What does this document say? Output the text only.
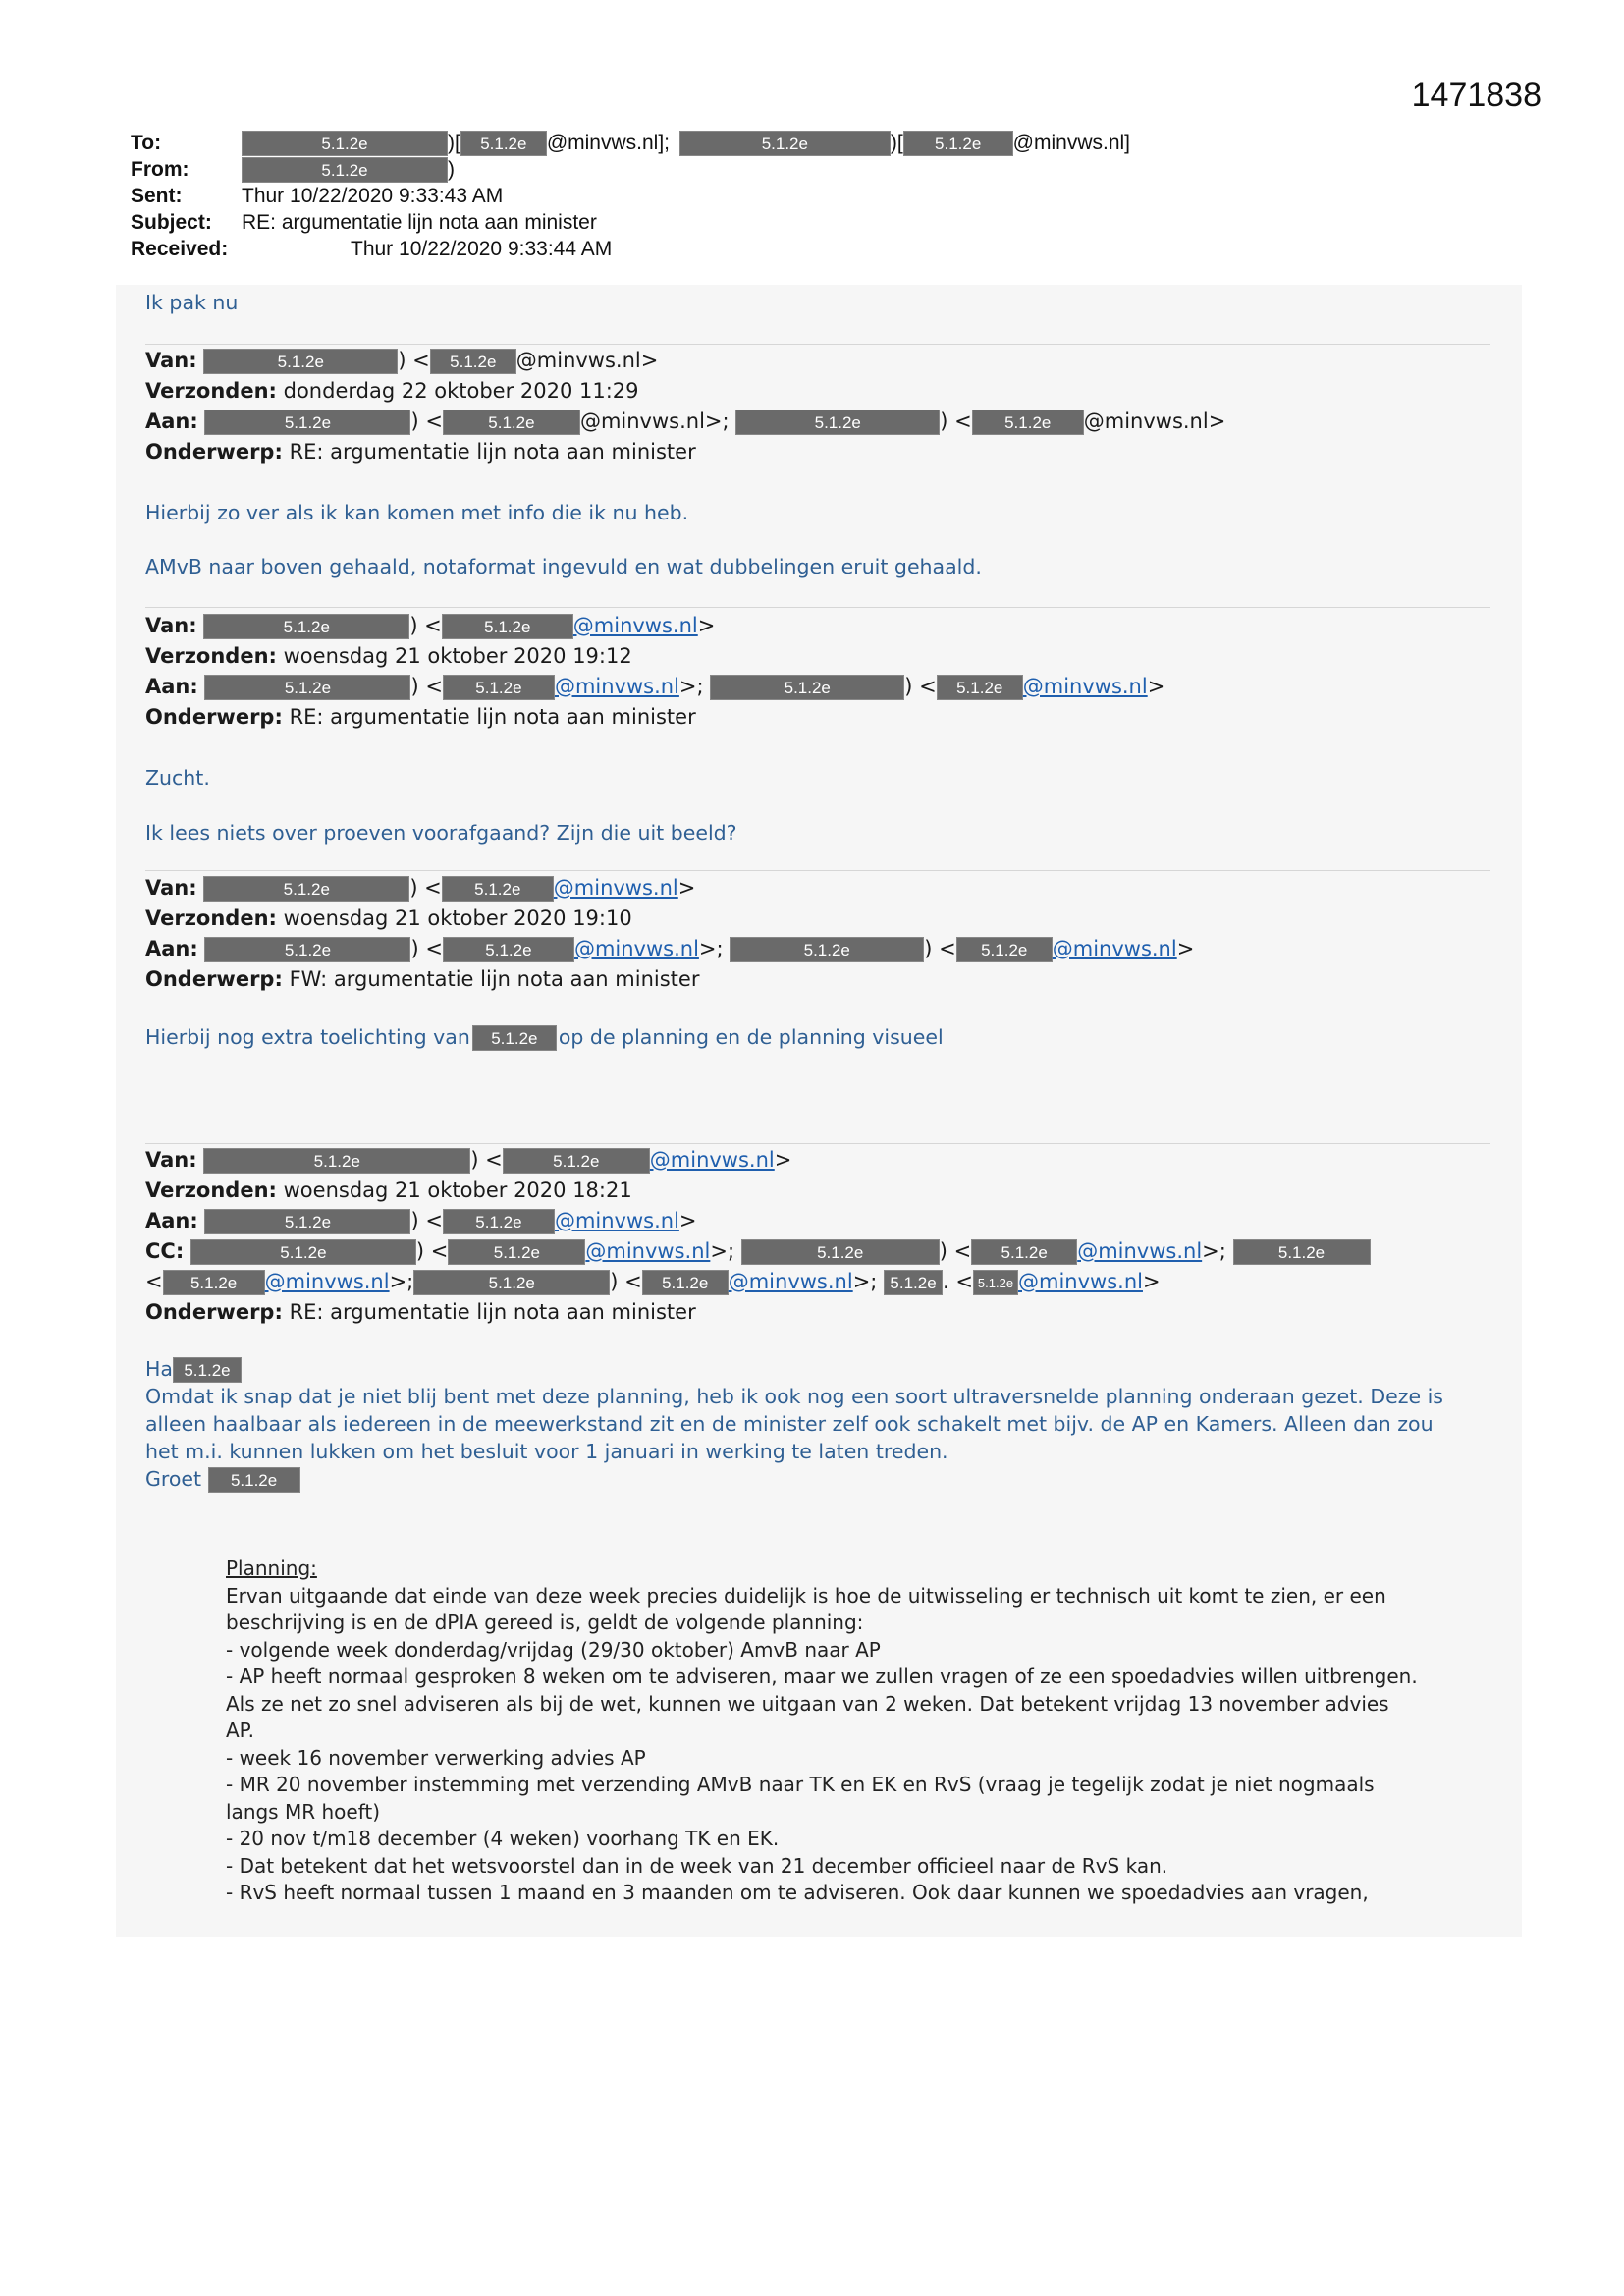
1471838
To:	5.1.2e	)[ 5.1.2e @minvws.nl];	5.1.2e	)[ 5.1.2e @minvws.nl]
From:	5.1.2e	)
Sent:	Thur 10/22/2020 9:33:43 AM
Subject: RE: argumentatie lijn nota aan minister
Received:	Thur 10/22/2020 9:33:44 AM
Ik pak nu
Van:	5.1.2e	) < 5.1.2e @minvws.nl>
Verzonden: donderdag 22 oktober 2020 11:29
Aan:	5.1.2e	) <	5.1.2e @minvws.nl>;	5.1.2e	) < 5.1.2e @minvws.nl>
Onderwerp: RE: argumentatie lijn nota aan minister
Hierbij zo ver als ik kan komen met info die ik nu heb.
AMvB naar boven gehaald, notaformat ingevuld en wat dubbelingen eruit gehaald.
Van:	5.1.2e	) <	5.1.2e @minvws.nl>
Verzonden: woensdag 21 oktober 2020 19:12
Aan:	5.1.2e	) < 5.1.2e @minvws.nl>;	5.1.2e	) < 5.1.2e @minvws.nl>
Onderwerp: RE: argumentatie lijn nota aan minister
Zucht.
Ik lees niets over proeven voorafgaand? Zijn die uit beeld?
Van:	5.1.2e	) < 5.1.2e @minvws.nl>
Verzonden: woensdag 21 oktober 2020 19:10
Aan:	5.1.2e	) <	5.1.2e @minvws.nl>;	5.1.2e	) < 5.1.2e @minvws.nl>
Onderwerp: FW: argumentatie lijn nota aan minister
Hierbij nog extra toelichting van 5.1.2e op de planning en de planning visueel
Van:	5.1.2e	) <	5.1.2e @minvws.nl>
Verzonden: woensdag 21 oktober 2020 18:21
Aan:	5.1.2e	) < 5.1.2e @minvws.nl>
CC:	5.1.2e	) <	5.1.2e @minvws.nl>;	5.1.2e	) < 5.1.2e @minvws.nl>;	5.1.2e
< 5.1.2e @minvws.nl>;	5.1.2e	) < 5.1.2e @minvws.nl>; 5.1.2e . < 5.1.2e @minvws.nl>
Onderwerp: RE: argumentatie lijn nota aan minister
Ha 5.1.2e
Omdat ik snap dat je niet blij bent met deze planning, heb ik ook nog een soort ultraversnelde planning onderaan gezet. Deze is
alleen haalbaar als iedereen in de meewerkstand zit en de minister zelf ook schakelt met bijv. de AP en Kamers. Alleen dan zou
het m.i. kunnen lukken om het besluit voor 1 januari in werking te laten treden.
Groet 5.1.2e
Planning:
Ervan uitgaande dat einde van deze week precies duidelijk is hoe de uitwisseling er technisch uit komt te zien, er een
beschrijving is en de dPIA gereed is, geldt de volgende planning:
- volgende week donderdag/vrijdag (29/30 oktober) AmvB naar AP
- AP heeft normaal gesproken 8 weken om te adviseren, maar we zullen vragen of ze een spoedadvies willen uitbrengen.
Als ze net zo snel adviseren als bij de wet, kunnen we uitgaan van 2 weken. Dat betekent vrijdag 13 november advies
AP.
- week 16 november verwerking advies AP
- MR 20 november instemming met verzending AMvB naar TK en EK en RvS (vraag je tegelijk zodat je niet nogmaals
langs MR hoeft)
- 20 nov t/m18 december (4 weken) voorhang TK en EK.
- Dat betekent dat het wetsvoorstel dan in de week van 21 december officieel naar de RvS kan.
- RvS heeft normaal tussen 1 maand en 3 maanden om te adviseren. Ook daar kunnen we spoedadvies aan vragen,
